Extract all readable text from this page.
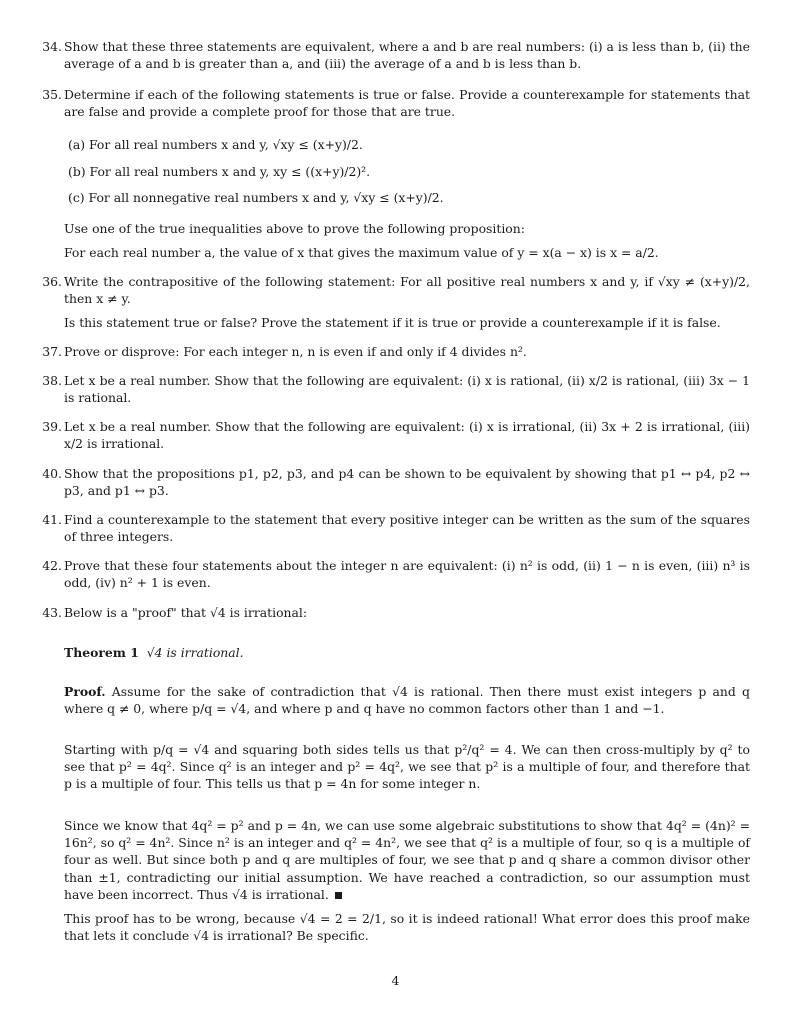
34. Show that these three statements are equivalent, where a and b are real numbers: (i) a is less than b, (ii) the average of a and b is greater than a, and (iii) the average of a and b is less than b.
35. Determine if each of the following statements is true or false. Provide a counterexample for statements that are false and provide a complete proof for those that are true.
(a) For all real numbers x and y, √xy ≤ (x+y)/2.
(b) For all real numbers x and y, xy ≤ ((x+y)/2)².
(c) For all nonnegative real numbers x and y, √xy ≤ (x+y)/2.
Use one of the true inequalities above to prove the following proposition:
For each real number a, the value of x that gives the maximum value of y = x(a − x) is x = a/2.
36. Write the contrapositive of the following statement: For all positive real numbers x and y, if √xy ≠ (x+y)/2, then x ≠ y.
Is this statement true or false? Prove the statement if it is true or provide a counterexample if it is false.
37. Prove or disprove: For each integer n, n is even if and only if 4 divides n².
38. Let x be a real number. Show that the following are equivalent: (i) x is rational, (ii) x/2 is rational, (iii) 3x − 1 is rational.
39. Let x be a real number. Show that the following are equivalent: (i) x is irrational, (ii) 3x + 2 is irrational, (iii) x/2 is irrational.
40. Show that the propositions p1, p2, p3, and p4 can be shown to be equivalent by showing that p1 ↔ p4, p2 ↔ p3, and p1 ↔ p3.
41. Find a counterexample to the statement that every positive integer can be written as the sum of the squares of three integers.
42. Prove that these four statements about the integer n are equivalent: (i) n² is odd, (ii) 1 − n is even, (iii) n³ is odd, (iv) n² + 1 is even.
43. Below is a "proof" that √4 is irrational:
Theorem 1 √4 is irrational.
Proof. Assume for the sake of contradiction that √4 is rational. Then there must exist integers p and q where q ≠ 0, where p/q = √4, and where p and q have no common factors other than 1 and −1.
Starting with p/q = √4 and squaring both sides tells us that p²/q² = 4. We can then cross-multiply by q² to see that p² = 4q². Since q² is an integer and p² = 4q², we see that p² is a multiple of four, and therefore that p is a multiple of four. This tells us that p = 4n for some integer n.
Since we know that 4q² = p² and p = 4n, we can use some algebraic substitutions to show that 4q² = (4n)² = 16n², so q² = 4n². Since n² is an integer and q² = 4n², we see that q² is a multiple of four, so q is a multiple of four as well. But since both p and q are multiples of four, we see that p and q share a common divisor other than ±1, contradicting our initial assumption. We have reached a contradiction, so our assumption must have been incorrect. Thus √4 is irrational.
This proof has to be wrong, because √4 = 2 = 2/1, so it is indeed rational! What error does this proof make that lets it conclude √4 is irrational? Be specific.
4
